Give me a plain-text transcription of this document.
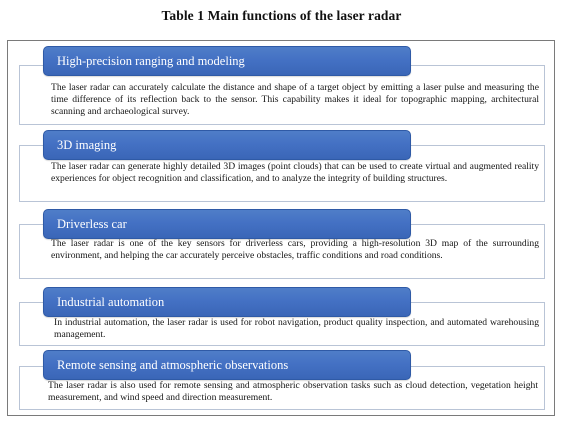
Table 1 Main functions of the laser radar
High-precision ranging and modeling
The laser radar can accurately calculate the distance and shape of a target object by emitting a laser pulse and measuring the time difference of its reflection back to the sensor. This capability makes it ideal for topographic mapping, architectural scanning and archaeological survey.
3D imaging
The laser radar can generate highly detailed 3D images (point clouds) that can be used to create virtual and augmented reality experiences for object recognition and classification, and to analyze the integrity of building structures.
Driverless car
The laser radar is one of the key sensors for driverless cars, providing a high-resolution 3D map of the surrounding environment, and helping the car accurately perceive obstacles, traffic conditions and road conditions.
Industrial automation
In industrial automation, the laser radar is used for robot navigation, product quality inspection, and automated warehousing management.
Remote sensing and atmospheric observations
The laser radar is also used for remote sensing and atmospheric observation tasks such as cloud detection, vegetation height measurement, and wind speed and direction measurement.
